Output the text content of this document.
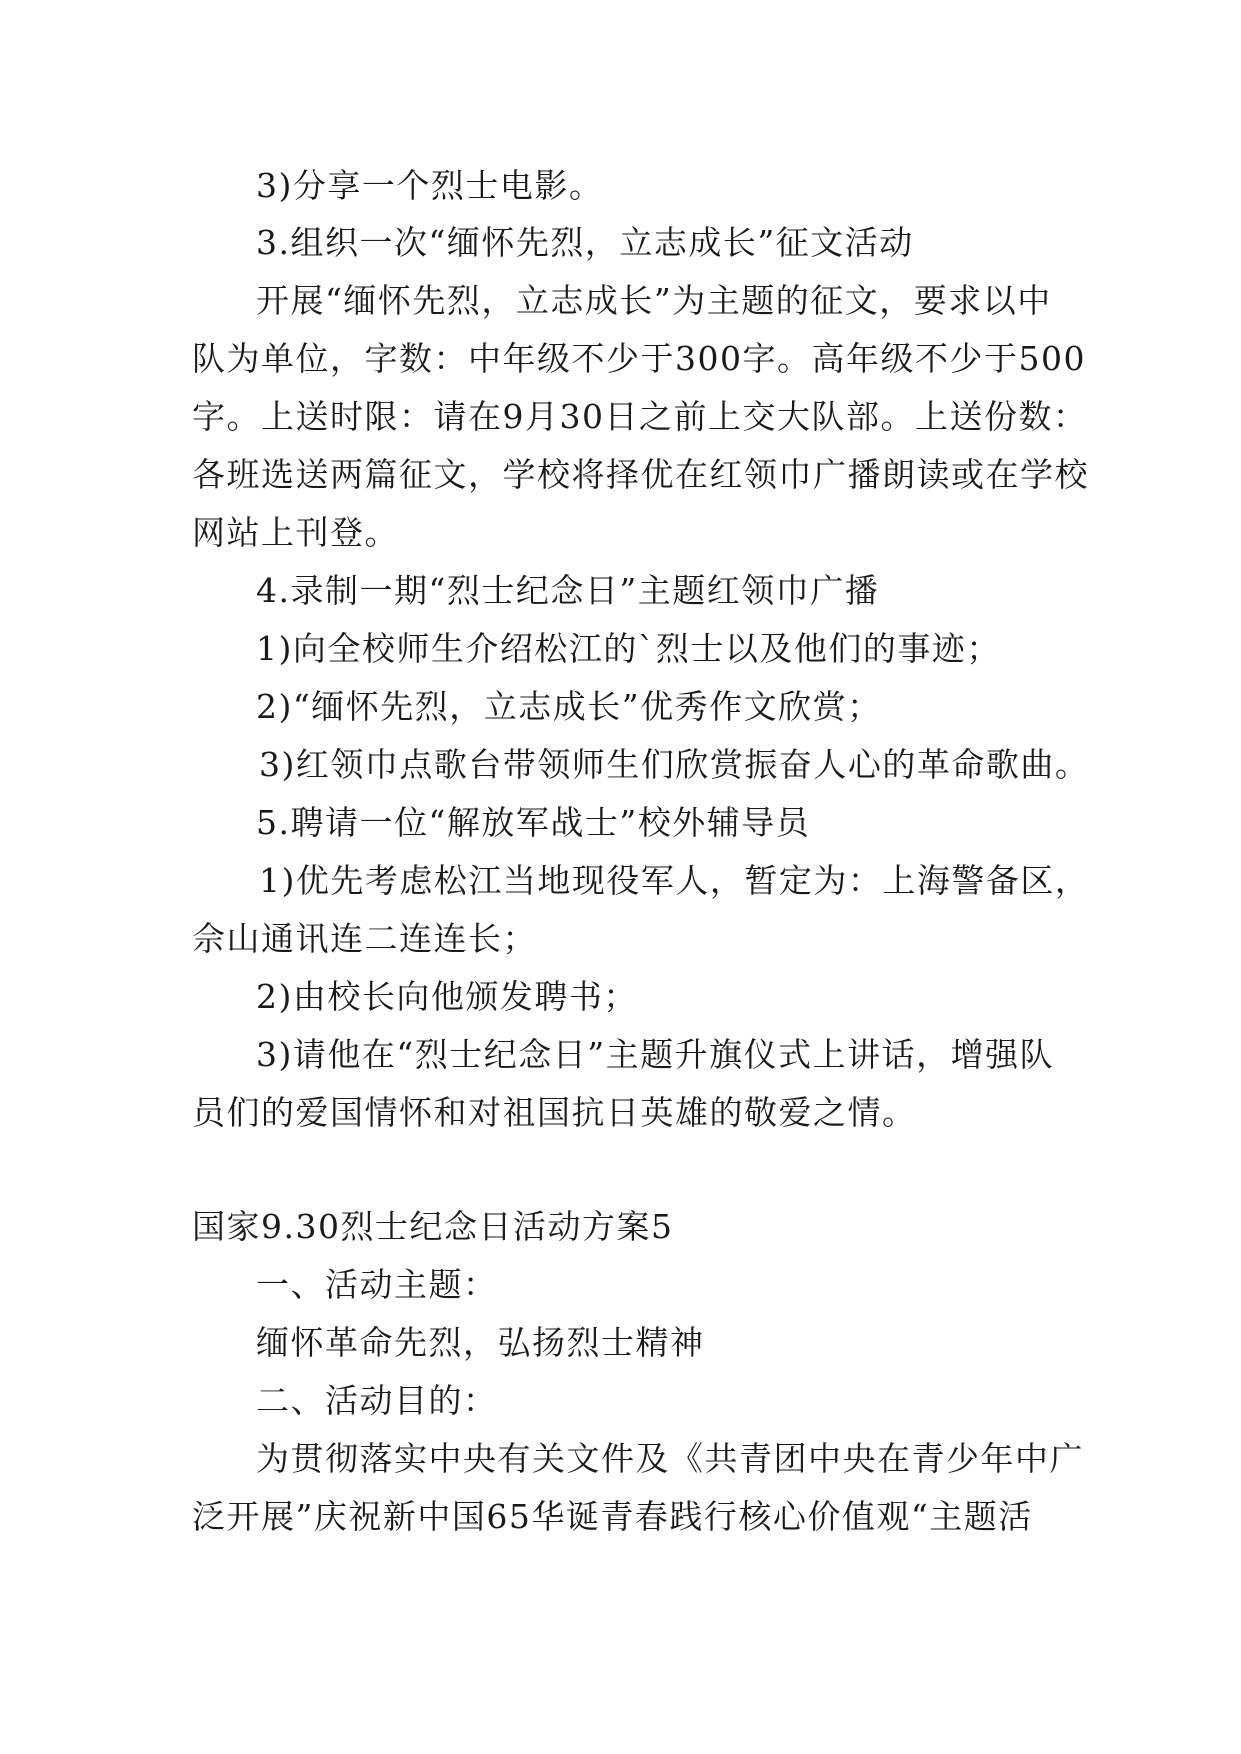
3)分享一个烈士电影。
3.组织一次“缅怀先烈，立志成长”征文活动
开展“缅怀先烈，立志成长”为主题的征文，要求以中
队为单位，字数：中年级不少于300字。高年级不少于500
字。上送时限：请在9月30日之前上交大队部。上送份数：
各班选送两篇征文，学校将择优在红领巾广播朗读或在学校
网站上刊登。
4.录制一期“烈士纪念日”主题红领巾广播
1)向全校师生介绍松江的`烈士以及他们的事迹；
2)“缅怀先烈，立志成长”优秀作文欣赏；
3)红领巾点歌台带领师生们欣赏振奋人心的革命歌曲。
5.聘请一位“解放军战士”校外辅导员
1)优先考虑松江当地现役军人，暂定为：上海警备区，
佘山通讯连二连连长；
2)由校长向他颁发聘书；
3)请他在“烈士纪念日”主题升旗仪式上讲话，增强队
员们的爱国情怀和对祖国抗日英雄的敬爱之情。
国家9.30烈士纪念日活动方案5
一、活动主题：
缅怀革命先烈，弘扬烈士精神
二、活动目的：
为贯彻落实中央有关文件及《共青团中央在青少年中广
泛开展”庆祝新中国65华诞青春践行核心价值观“主题活
